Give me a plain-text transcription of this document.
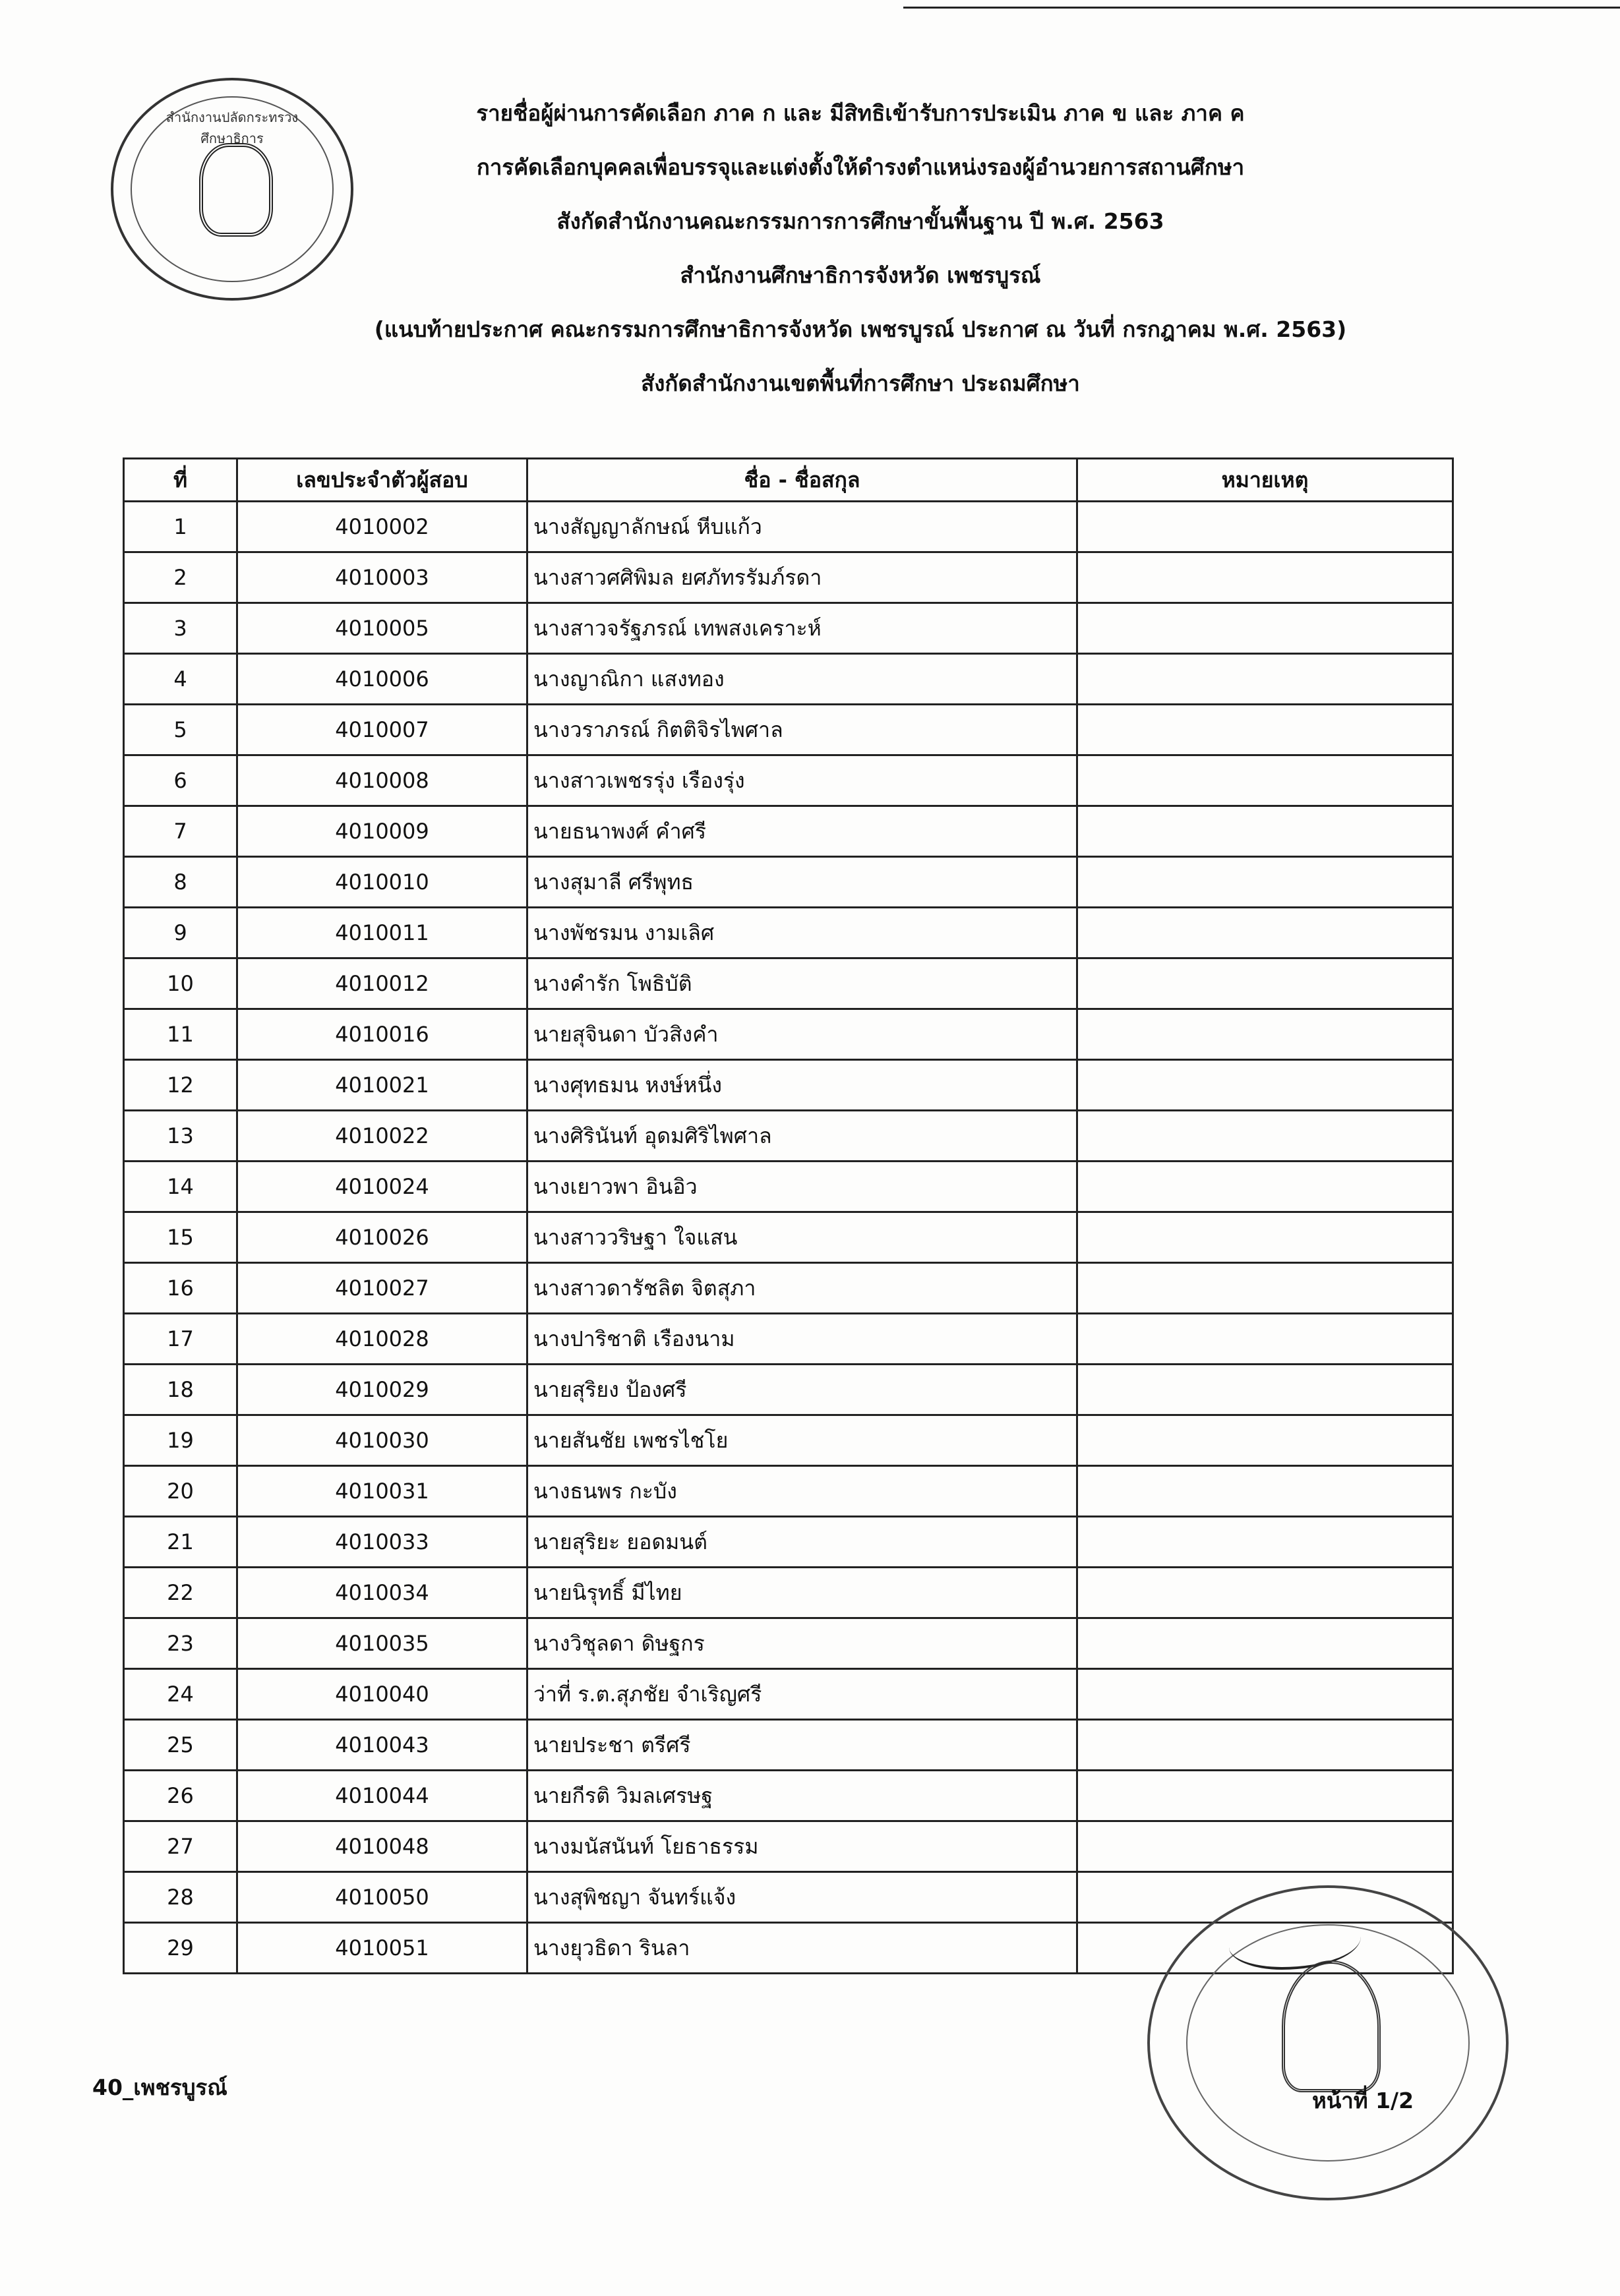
สำนักงานปลัดกระทรวงศึกษาธิการ
รายชื่อผู้ผ่านการคัดเลือก ภาค ก และ มีสิทธิเข้ารับการประเมิน ภาค ข และ ภาค ค
การคัดเลือกบุคคลเพื่อบรรจุและแต่งตั้งให้ดำรงตำแหน่งรองผู้อำนวยการสถานศึกษา
สังกัดสำนักงานคณะกรรมการการศึกษาขั้นพื้นฐาน ปี พ.ศ. 2563
สำนักงานศึกษาธิการจังหวัด เพชรบูรณ์
(แนบท้ายประกาศ คณะกรรมการศึกษาธิการจังหวัด เพชรบูรณ์ ประกาศ ณ วันที่ กรกฎาคม พ.ศ. 2563)
สังกัดสำนักงานเขตพื้นที่การศึกษา ประถมศึกษา
ที่	เลขประจำตัวผู้สอบ	ชื่อ - ชื่อสกุล	หมายเหตุ
1	4010002	นางสัญญาลักษณ์ หีบแก้ว	
2	4010003	นางสาวศศิพิมล ยศภัทรรัมภ์รดา	
3	4010005	นางสาวจรัฐภรณ์ เทพสงเคราะห์	
4	4010006	นางญาณิกา แสงทอง	
5	4010007	นางวราภรณ์ กิตติจิรไพศาล	
6	4010008	นางสาวเพชรรุ่ง เรืองรุ่ง	
7	4010009	นายธนาพงศ์ คำศรี	
8	4010010	นางสุมาลี ศรีพุทธ	
9	4010011	นางพัชรมน งามเลิศ	
10	4010012	นางคำรัก โพธิบัติ	
11	4010016	นายสุจินดา บัวสิงคำ	
12	4010021	นางศุทธมน หงษ์หนึ่ง	
13	4010022	นางศิรินันท์ อุดมศิริไพศาล	
14	4010024	นางเยาวพา อินอิว	
15	4010026	นางสาววริษฐา ใจแสน	
16	4010027	นางสาวดารัชลิต จิตสุภา	
17	4010028	นางปาริชาติ เรืองนาม	
18	4010029	นายสุริยง ป้องศรี	
19	4010030	นายสันชัย เพชรไชโย	
20	4010031	นางธนพร กะบัง	
21	4010033	นายสุริยะ ยอดมนต์	
22	4010034	นายนิรุทธิ์ มีไทย	
23	4010035	นางวิชุลดา ดิษฐกร	
24	4010040	ว่าที่ ร.ต.สุภชัย จำเริญศรี	
25	4010043	นายประชา ตรีศรี	
26	4010044	นายกีรติ วิมลเศรษฐ	
27	4010048	นางมนัสนันท์ โยธาธรรม	
28	4010050	นางสุพิชญา จันทร์แจ้ง	
29	4010051	นางยุวธิดา รินลา	
40_เพชรบูรณ์
หน้าที่ 1/2
